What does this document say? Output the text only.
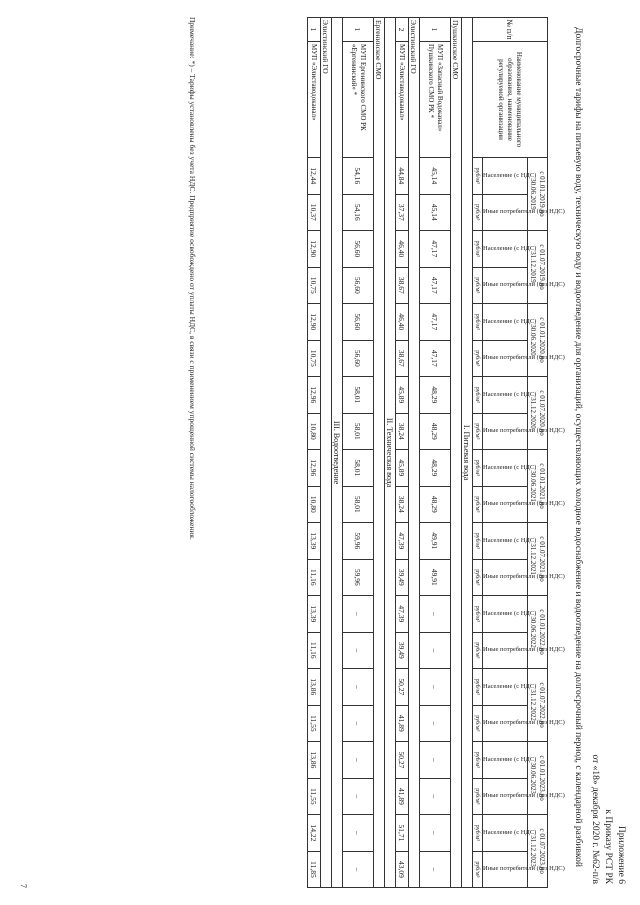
Приложение 6
к Приказу РСТ РК
от «18» декабря 2020 г. №62-п/в
Долгосрочные тарифы на питьевую воду, техническую воду и водоотведение для организаций, осуществляющих холодное водоснабжение и водоотведение на долгосрочный период, с календарной разбивкой
№ п/п	Наименование муниципального образования, наименование регулируемой организации	с 01.01.2019 по 30.06.2019		с 01.07.2019 по 31.12.2019		с 01.01.2020 по 30.06.2020		с 01.07.2020 по 31.12.2020		с 01.01.2021 по 30.06.2021		с 01.07.2021 по 31.12.2021		с 01.01.2022 по 30.06.2022		с 01.07.2022 по 31.12.2022		с 01.01.2023 по 30.06.2023		с 01.07.2023 по 31.12.2023	

		Население (с НДС)	Иные потребители (без НДС)	Население (с НДС)	Иные потребители (без НДС)	Население (с НДС)	Иные потребители (без НДС)	Население (с НДС)	Иные потребители (без НДС)	Население (с НДС)	Иные потребители (без НДС)	Население (с НДС)	Иные потребители (без НДС)	Население (с НДС)	Иные потребители (без НДС)	Население (с НДС)	Иные потребители (без НДС)	Население (с НДС)	Иные потребители (без НДС)	Население (с НДС)	Иные потребители (без НДС)

		руб/м³	руб/м³	руб/м³	руб/м³	руб/м³	руб/м³	руб/м³	руб/м³	руб/м³	руб/м³	руб/м³	руб/м³	руб/м³	руб/м³	руб/м³	руб/м³	руб/м³	руб/м³	руб/м³	руб/м³
I. Питьевая вода																					
Пушкинское СМО																					
1	МУП «Запасный Водоканал» Пушкинского СМО РК *	45,14	45,14	47,17	47,17	47,17	47,17	48,29	48,29	48,29	48,29	49,91	49,91	–	–	–	–	–	–	–	–
Элистинский ГО																					
2	МУП «Элиставодоканал»	44,84	37,37	46,40	38,67	46,40	38,67	45,89	38,24	45,89	38,24	47,39	39,49	47,39	39,49	50,27	41,89	50,27	41,89	51,71	43,09
II. Техническая вода																					
Ергенинское СМО																					
1	МУП Ергенинского СМО РК «Ергенинский» *	54,16	54,16	56,60	56,60	56,60	56,60	58,01	58,01	58,01	58,01	59,96	59,96	–	–	–	–	–	–	–	–
III. Водоотведение																					
Элистинский ГО																					
1	МУП «Элиставодоканал»	12,44	10,37	12,90	10,75	12,90	10,75	12,96	10,80	12,96	10,80	13,39	11,16	13,39	11,16	13,86	11,55	13,86	11,55	14,22	11,85
Примечание: *) – Тарифы установлены без учета НДС. Предприятие освобождено от уплаты НДС, в связи с применением упрощенной системы налогообложения.
7
